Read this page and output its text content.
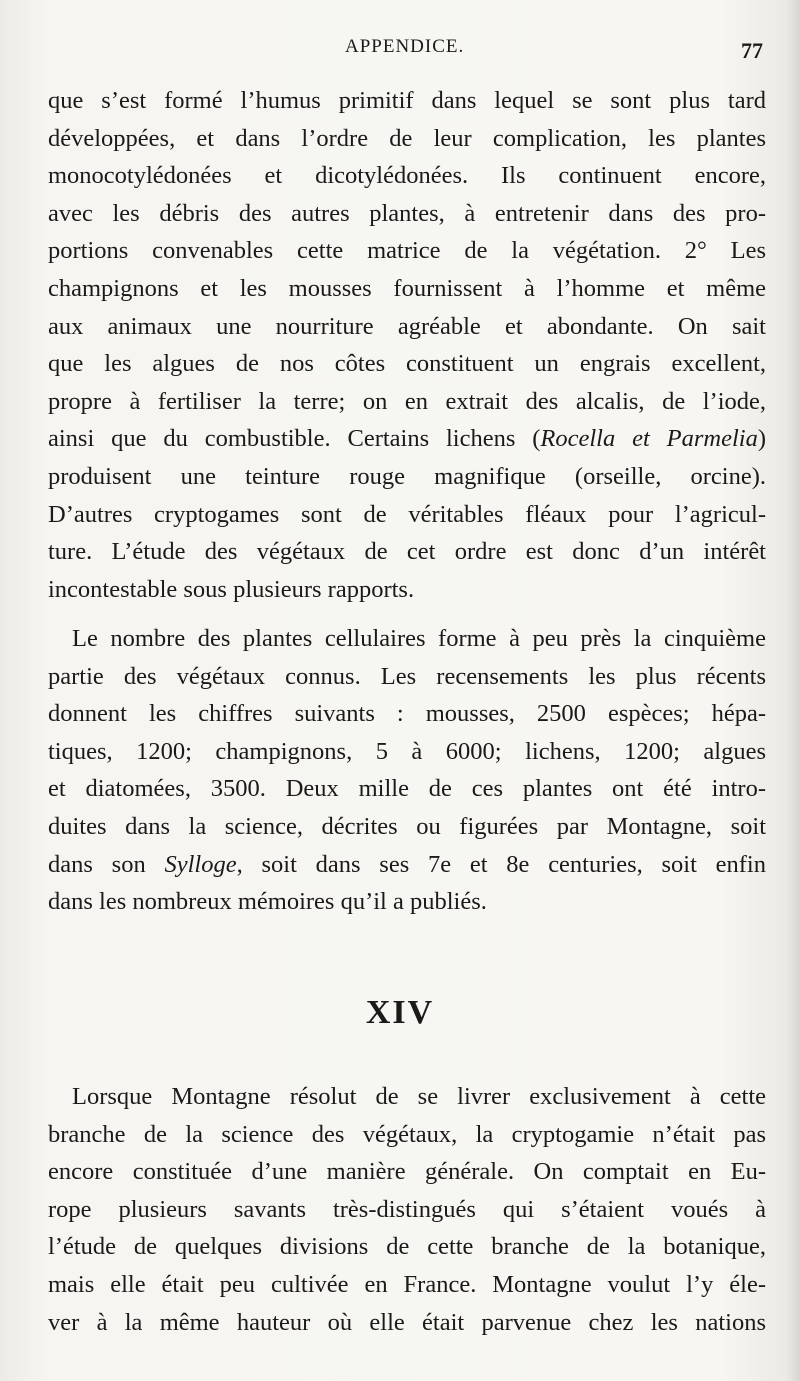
APPENDICE.	77
que s’est formé l’humus primitif dans lequel se sont plus tard
développées, et dans l’ordre de leur complication, les plantes
monocotylédonées et dicotylédonées. Ils continuent encore,
avec les débris des autres plantes, à entretenir dans des pro-
portions convenables cette matrice de la végétation. 2° Les
champignons et les mousses fournissent à l’homme et même
aux animaux une nourriture agréable et abondante. On sait
que les algues de nos côtes constituent un engrais excellent,
propre à fertiliser la terre; on en extrait des alcalis, de l’iode,
ainsi que du combustible. Certains lichens (Rocella et Parmelia)
produisent une teinture rouge magnifique (orseille, orcine).
D’autres cryptogames sont de véritables fléaux pour l’agricul-
ture. L’étude des végétaux de cet ordre est donc d’un intérêt
incontestable sous plusieurs rapports.
Le nombre des plantes cellulaires forme à peu près la cinquième
partie des végétaux connus. Les recensements les plus récents
donnent les chiffres suivants : mousses, 2500 espèces; hépa-
tiques, 1200; champignons, 5 à 6000; lichens, 1200; algues
et diatomées, 3500. Deux mille de ces plantes ont été intro-
duites dans la science, décrites ou figurées par Montagne, soit
dans son Sylloge, soit dans ses 7e et 8e centuries, soit enfin
dans les nombreux mémoires qu’il a publiés.
XIV
Lorsque Montagne résolut de se livrer exclusivement à cette
branche de la science des végétaux, la cryptogamie n’était pas
encore constituée d’une manière générale. On comptait en Eu-
rope plusieurs savants très-distingués qui s’étaient voués à
l’étude de quelques divisions de cette branche de la botanique,
mais elle était peu cultivée en France. Montagne voulut l’y éle-
ver à la même hauteur où elle était parvenue chez les nations
